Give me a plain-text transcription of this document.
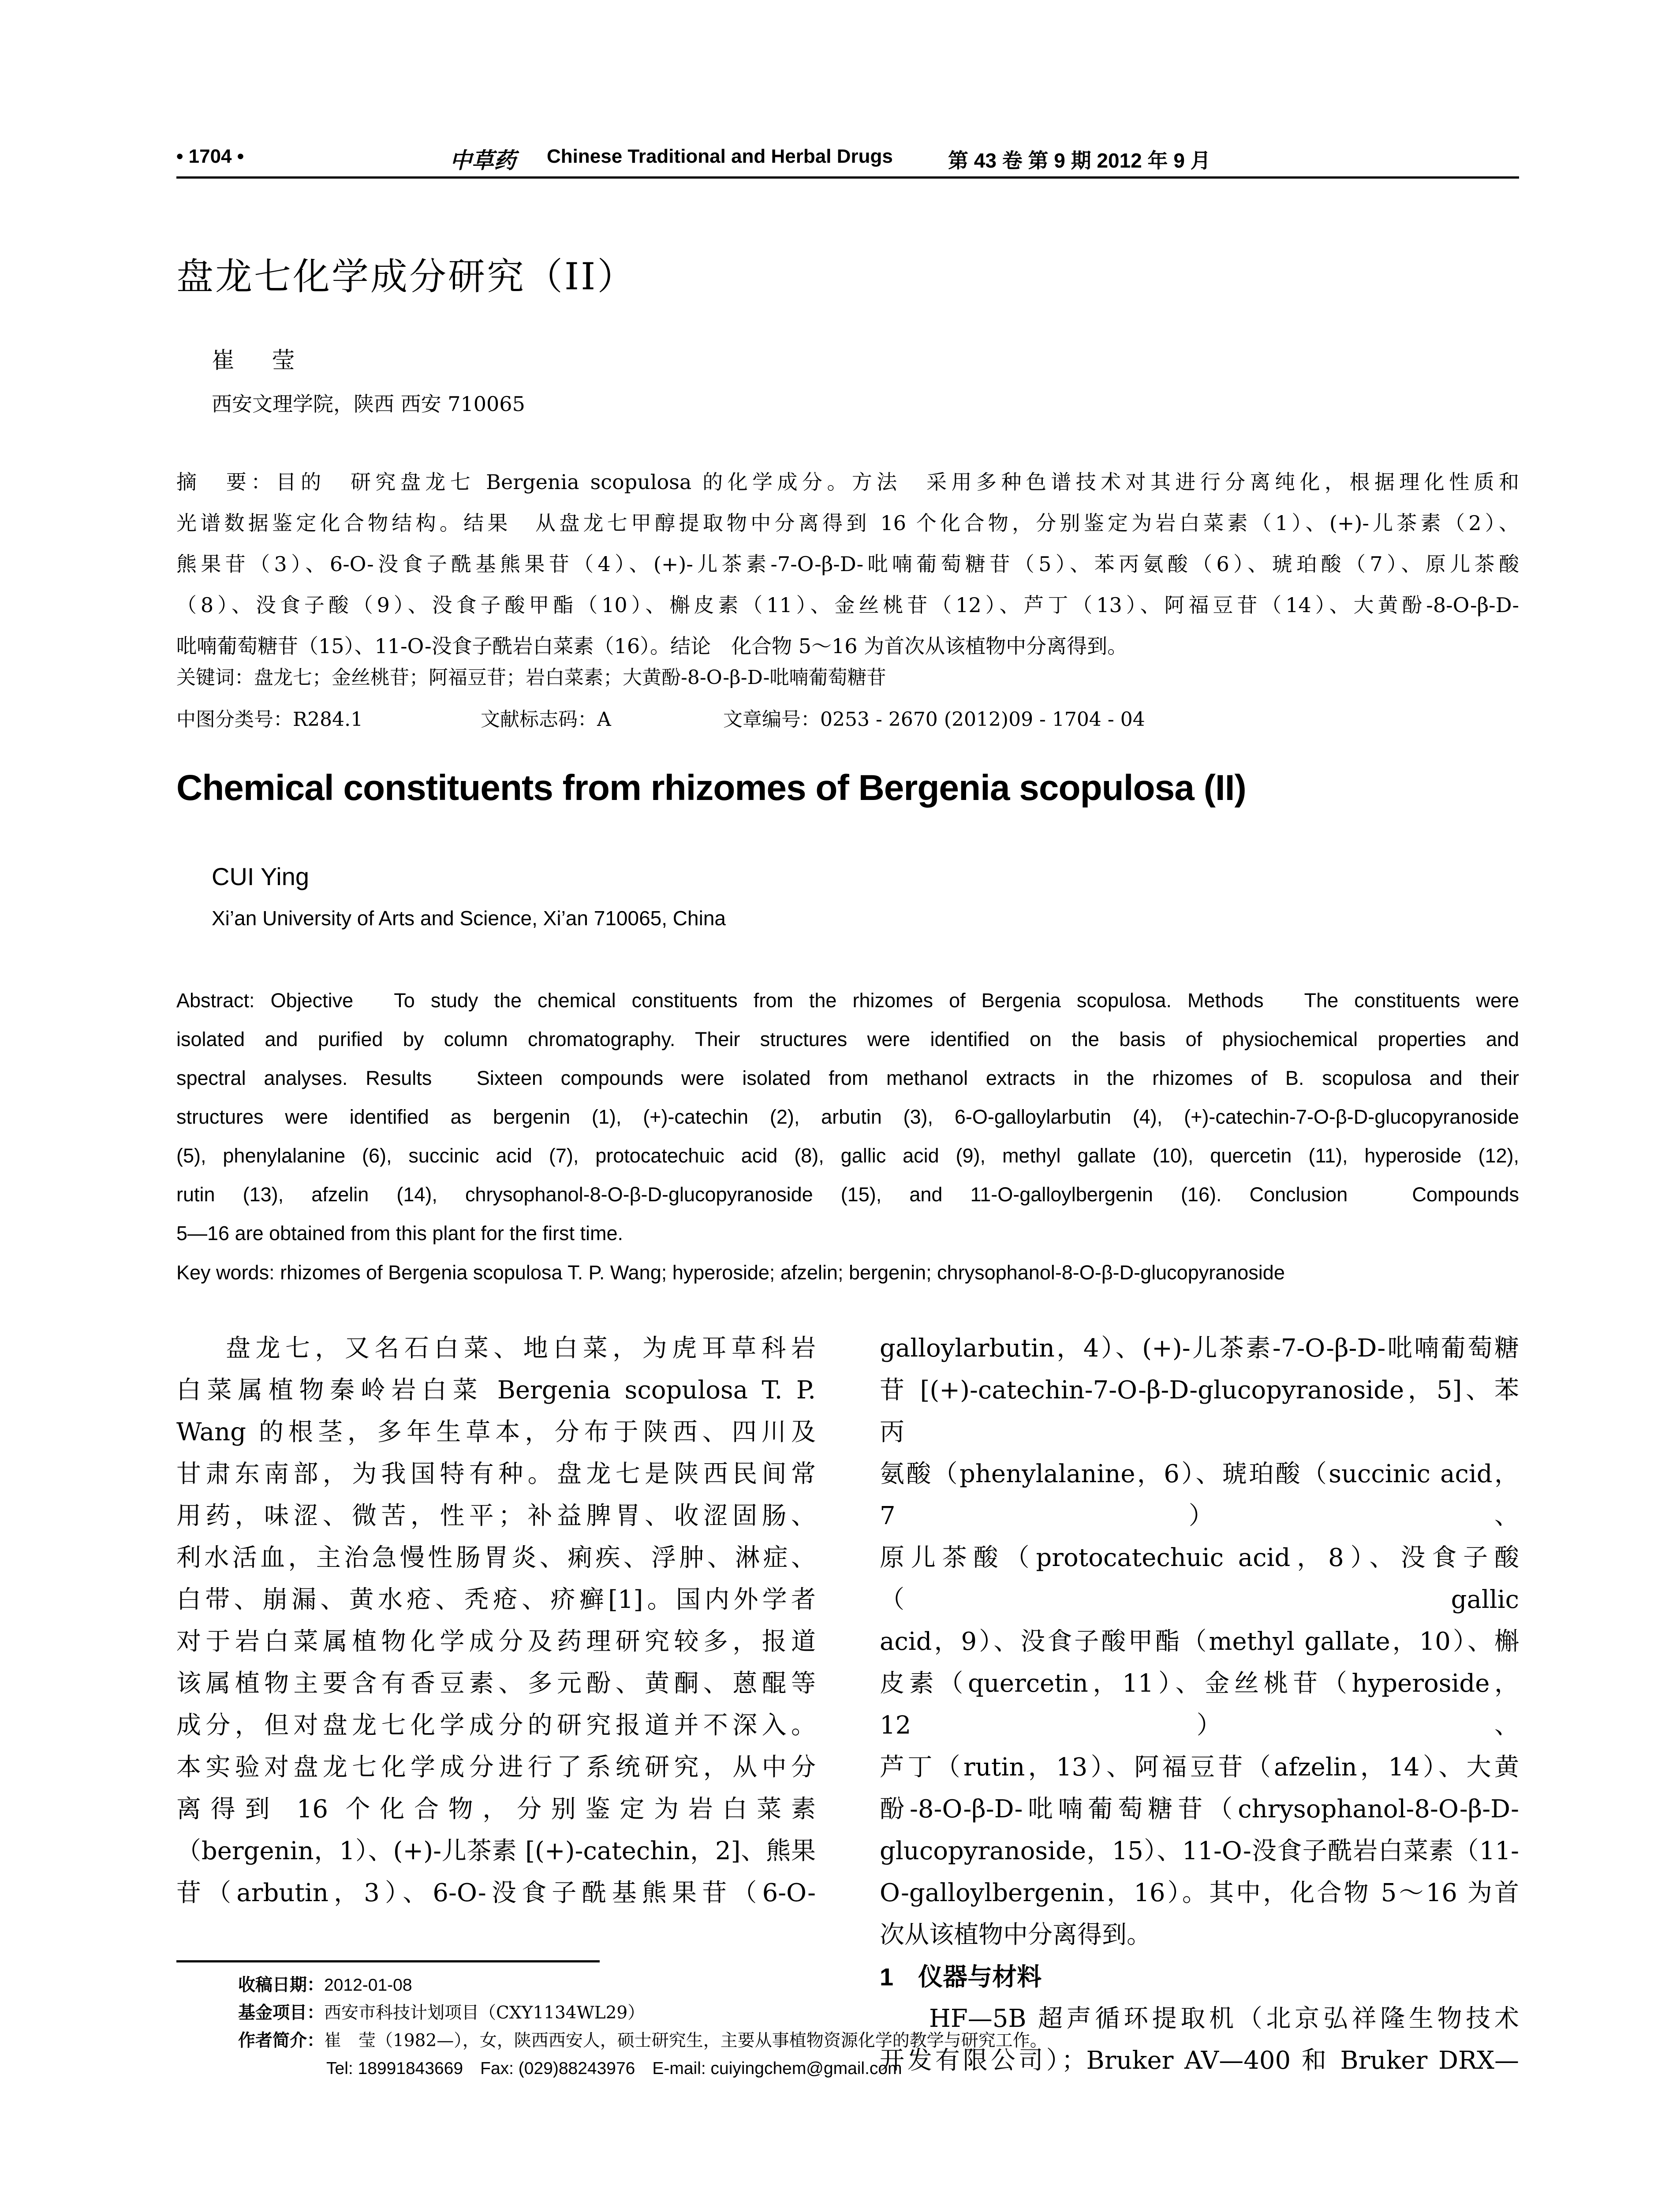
• 1704 •	中草药 Chinese Traditional and Herbal Drugs	第 43 卷 第 9 期 2012 年 9 月
盘龙七化学成分研究（II）
崔 莹
西安文理学院，陕西 西安 710065

摘　要：目的　研究盘龙七 Bergenia scopulosa 的化学成分。方法　采用多种色谱技术对其进行分离纯化，根据理化性质和

光谱数据鉴定化合物结构。结果　从盘龙七甲醇提取物中分离得到 16 个化合物，分别鉴定为岩白菜素（1）、(+)-儿茶素（2）、

熊果苷（3）、6-O-没食子酰基熊果苷（4）、(+)-儿茶素-7-O-β-D-吡喃葡萄糖苷（5）、苯丙氨酸（6）、琥珀酸（7）、原儿茶酸

（8）、没食子酸（9）、没食子酸甲酯（10）、槲皮素（11）、金丝桃苷（12）、芦丁（13）、阿福豆苷（14）、大黄酚-8-O-β-D-

吡喃葡萄糖苷（15）、11-O-没食子酰岩白菜素（16）。结论　化合物 5～16 为首次从该植物中分离得到。

关键词：盘龙七；金丝桃苷；阿福豆苷；岩白菜素；大黄酚-8-O-β-D-吡喃葡萄糖苷
中图分类号：R284.1	文献标志码：A	文章编号：0253 - 2670 (2012)09 - 1704 - 04
Chemical constituents from rhizomes of Bergenia scopulosa (II)
CUI Ying
Xi’an University of Arts and Science, Xi’an 710065, China

Abstract: Objective　To study the chemical constituents from the rhizomes of Bergenia scopulosa. Methods　The constituents were

isolated and purified by column chromatography. Their structures were identified on the basis of physiochemical properties and

spectral analyses. Results　Sixteen compounds were isolated from methanol extracts in the rhizomes of B. scopulosa and their

structures were identified as bergenin (1), (+)-catechin (2), arbutin (3), 6-O-galloylarbutin (4), (+)-catechin-7-O-β-D-glucopyranoside

(5), phenylalanine (6), succinic acid (7), protocatechuic acid (8), gallic acid (9), methyl gallate (10), quercetin (11), hyperoside (12),

rutin (13), afzelin (14), chrysophanol-8-O-β-D-glucopyranoside (15), and 11-O-galloylbergenin (16). Conclusion　Compounds

5—16 are obtained from this plant for the first time.

Key words: rhizomes of Bergenia scopulosa T. P. Wang; hyperoside; afzelin; bergenin; chrysophanol-8-O-β-D-glucopyranoside

盘龙七，又名石白菜、地白菜，为虎耳草科岩

白菜属植物秦岭岩白菜 Bergenia scopulosa T. P.

Wang 的根茎，多年生草本，分布于陕西、四川及

甘肃东南部，为我国特有种。盘龙七是陕西民间常

用药，味涩、微苦，性平；补益脾胃、收涩固肠、

利水活血，主治急慢性肠胃炎、痢疾、浮肿、淋症、

白带、崩漏、黄水疮、秃疮、疥癣[1]。国内外学者

对于岩白菜属植物化学成分及药理研究较多，报道

该属植物主要含有香豆素、多元酚、黄酮、蒽醌等

成分，但对盘龙七化学成分的研究报道并不深入。

本实验对盘龙七化学成分进行了系统研究，从中分

离得到 16 个化合物，分别鉴定为岩白菜素

（bergenin，1）、(+)-儿茶素 [(+)-catechin，2]、熊果

苷（arbutin，3）、6-O-没食子酰基熊果苷（6-O-

galloylarbutin，4）、(+)-儿茶素-7-O-β-D-吡喃葡萄糖

苷 [(+)-catechin-7-O-β-D-glucopyranoside，5]、苯丙

氨酸（phenylalanine，6）、琥珀酸（succinic acid，7）、

原儿茶酸（protocatechuic acid，8）、没食子酸（gallic

acid，9）、没食子酸甲酯（methyl gallate，10）、槲

皮素（quercetin，11）、金丝桃苷（hyperoside，12）、

芦丁（rutin，13）、阿福豆苷（afzelin，14）、大黄

酚-8-O-β-D-吡喃葡萄糖苷（chrysophanol-8-O-β-D-

glucopyranoside，15）、11-O-没食子酰岩白菜素（11-

O-galloylbergenin，16）。其中，化合物 5～16 为首

次从该植物中分离得到。

1　仪器与材料

HF—5B 超声循环提取机（北京弘祥隆生物技术

开发有限公司）；Bruker AV—400 和 Bruker DRX—

收稿日期：2012-01-08
基金项目：西安市科技计划项目（CXY1134WL29）
作者简介：崔　莹（1982—），女，陕西西安人，硕士研究生，主要从事植物资源化学的教学与研究工作。
Tel: 18991843669　Fax: (029)88243976　E-mail: cuiyingchem@gmail.com
